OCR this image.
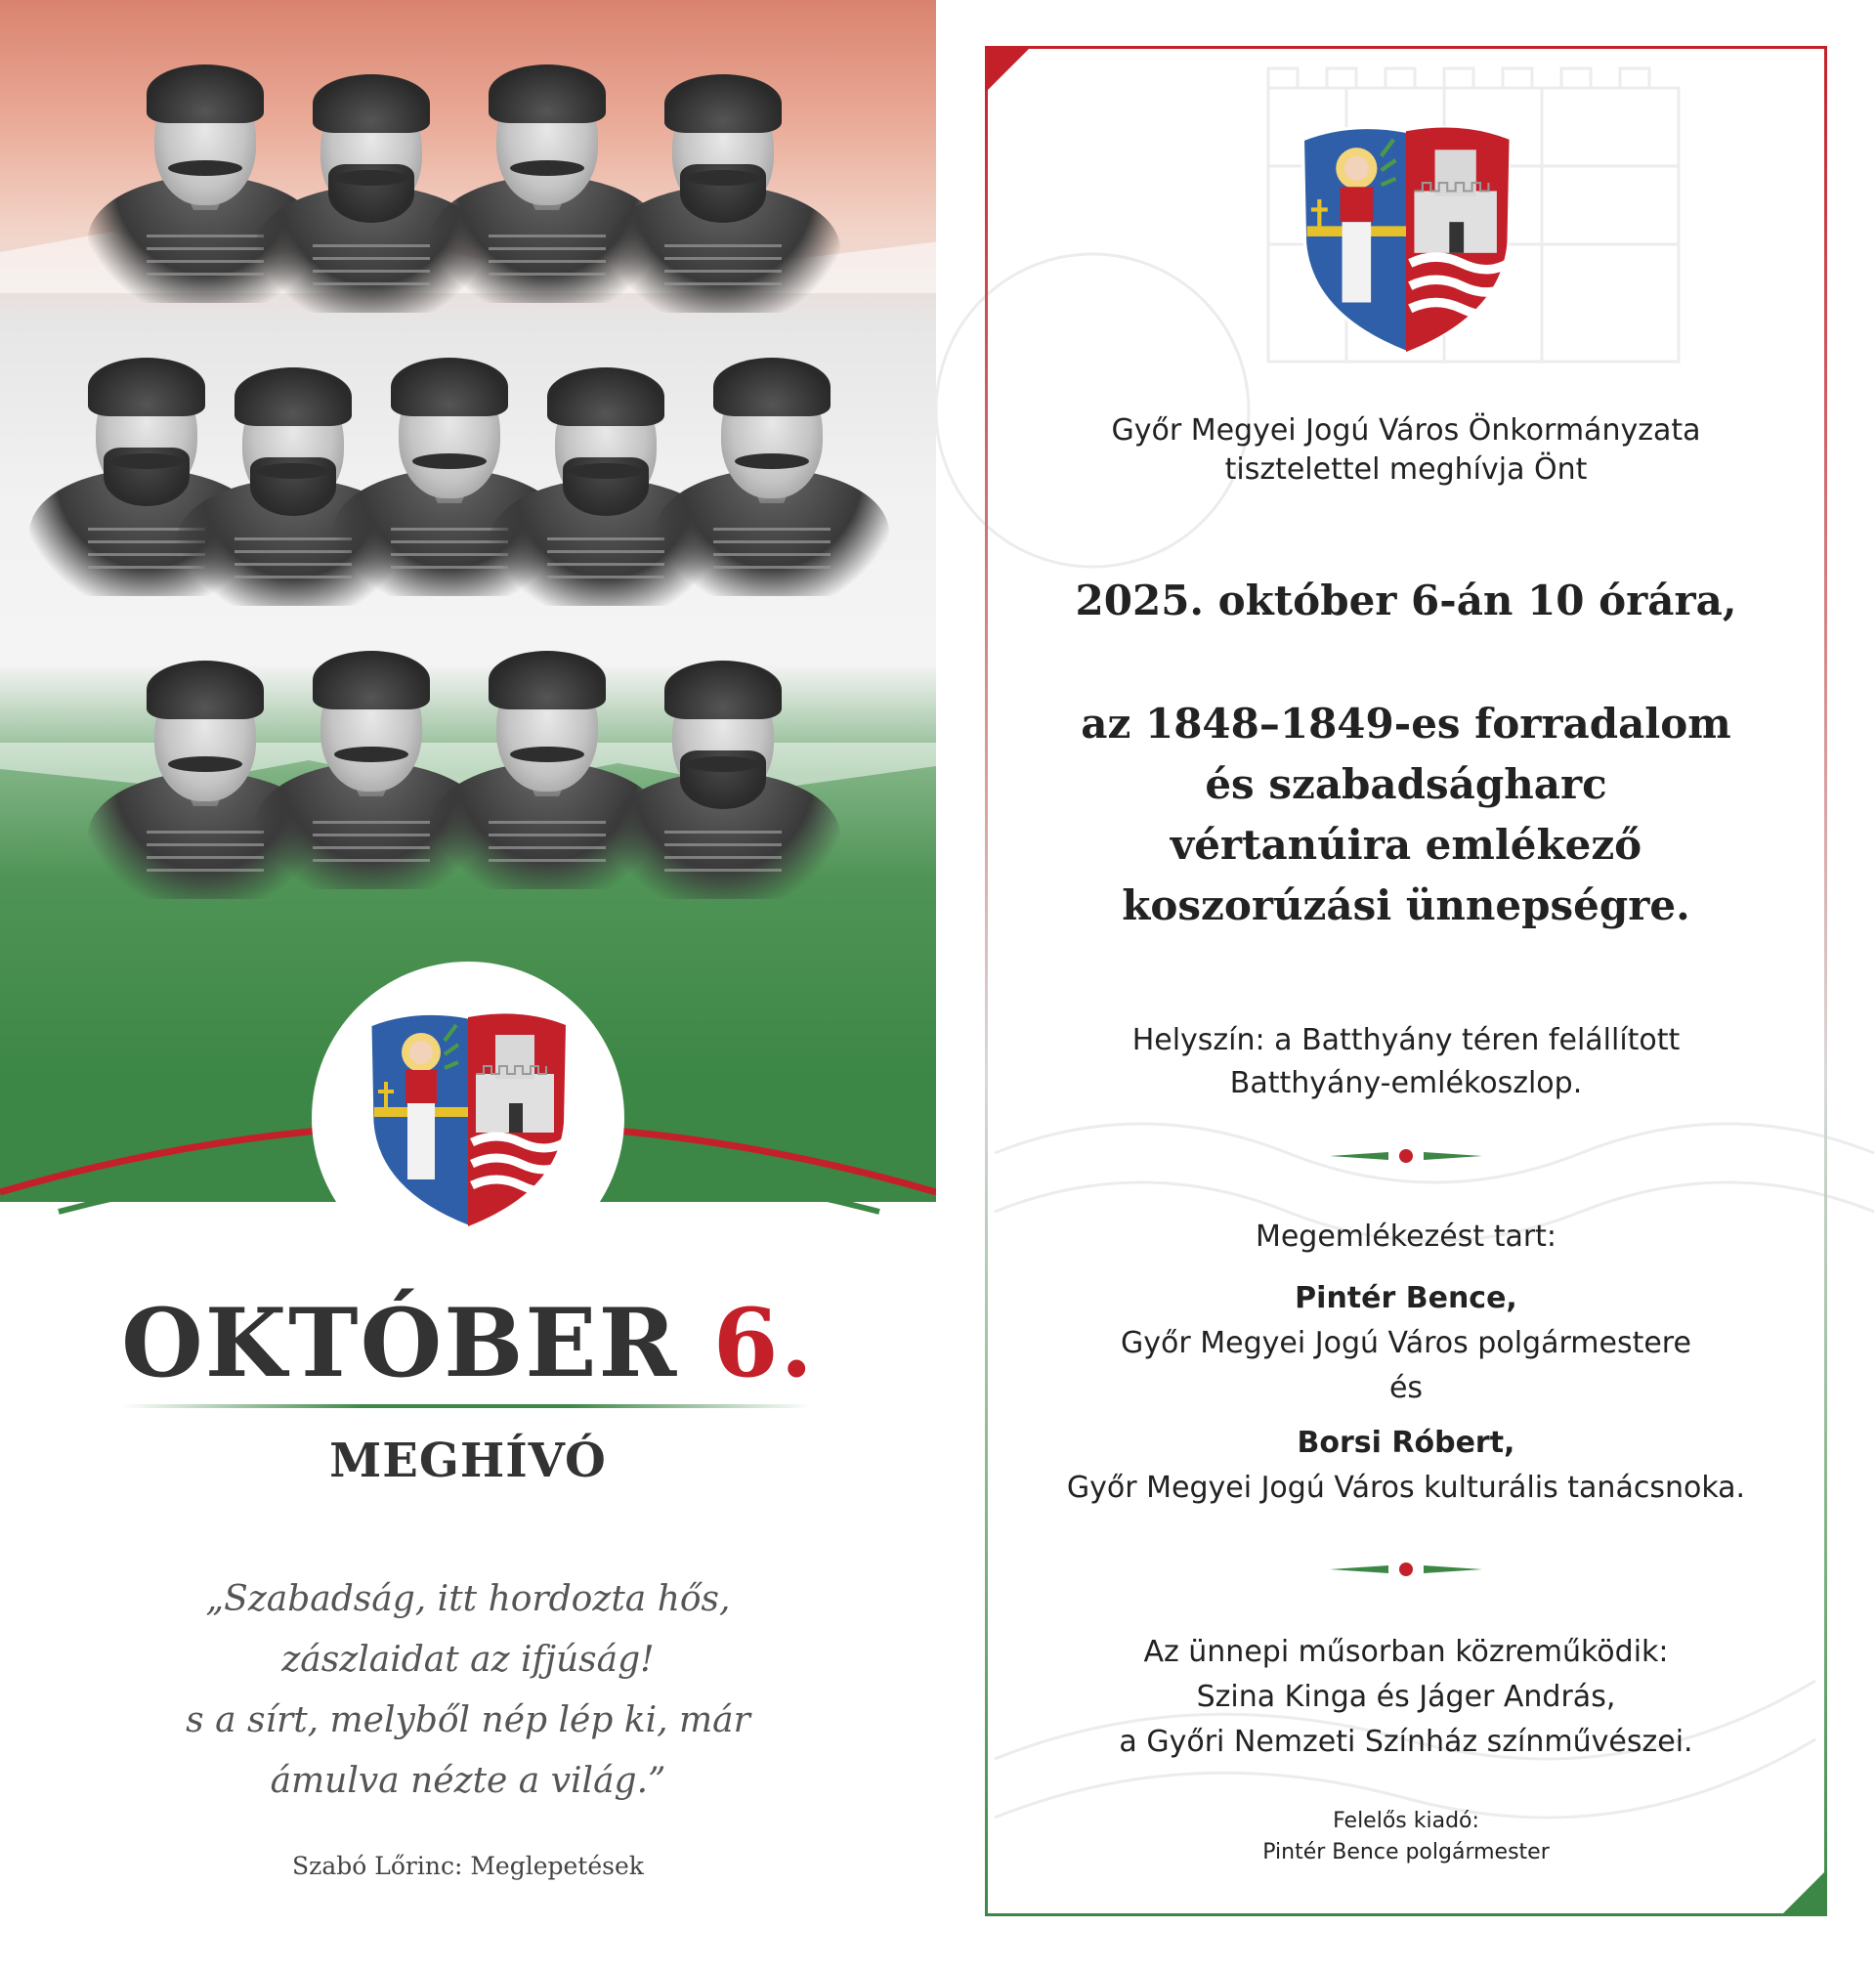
OKTÓBER 6.
MEGHÍVÓ
„Szabadság, itt hordozta hős,
zászlaidat az ifjúság!
s a sírt, melyből nép lép ki, már
ámulva nézte a világ.”
Szabó Lőrinc: Meglepetések
Győr Megyei Jogú Város Önkormányzata
tisztelettel meghívja Önt
2025. október 6-án 10 órára,
az 1848–1849-es forradalom
és szabadságharc
vértanúira emlékező
koszorúzási ünnepségre.
Helyszín: a Batthyány téren felállított
Batthyány-emlékoszlop.
Megemlékezést tart:
Pintér Bence,
Győr Megyei Jogú Város polgármestere
és
Borsi Róbert,
Győr Megyei Jogú Város kulturális tanácsnoka.
Az ünnepi műsorban közreműködik:
Szina Kinga és Jáger András,
a Győri Nemzeti Színház színművészei.
Felelős kiadó:
Pintér Bence polgármester
